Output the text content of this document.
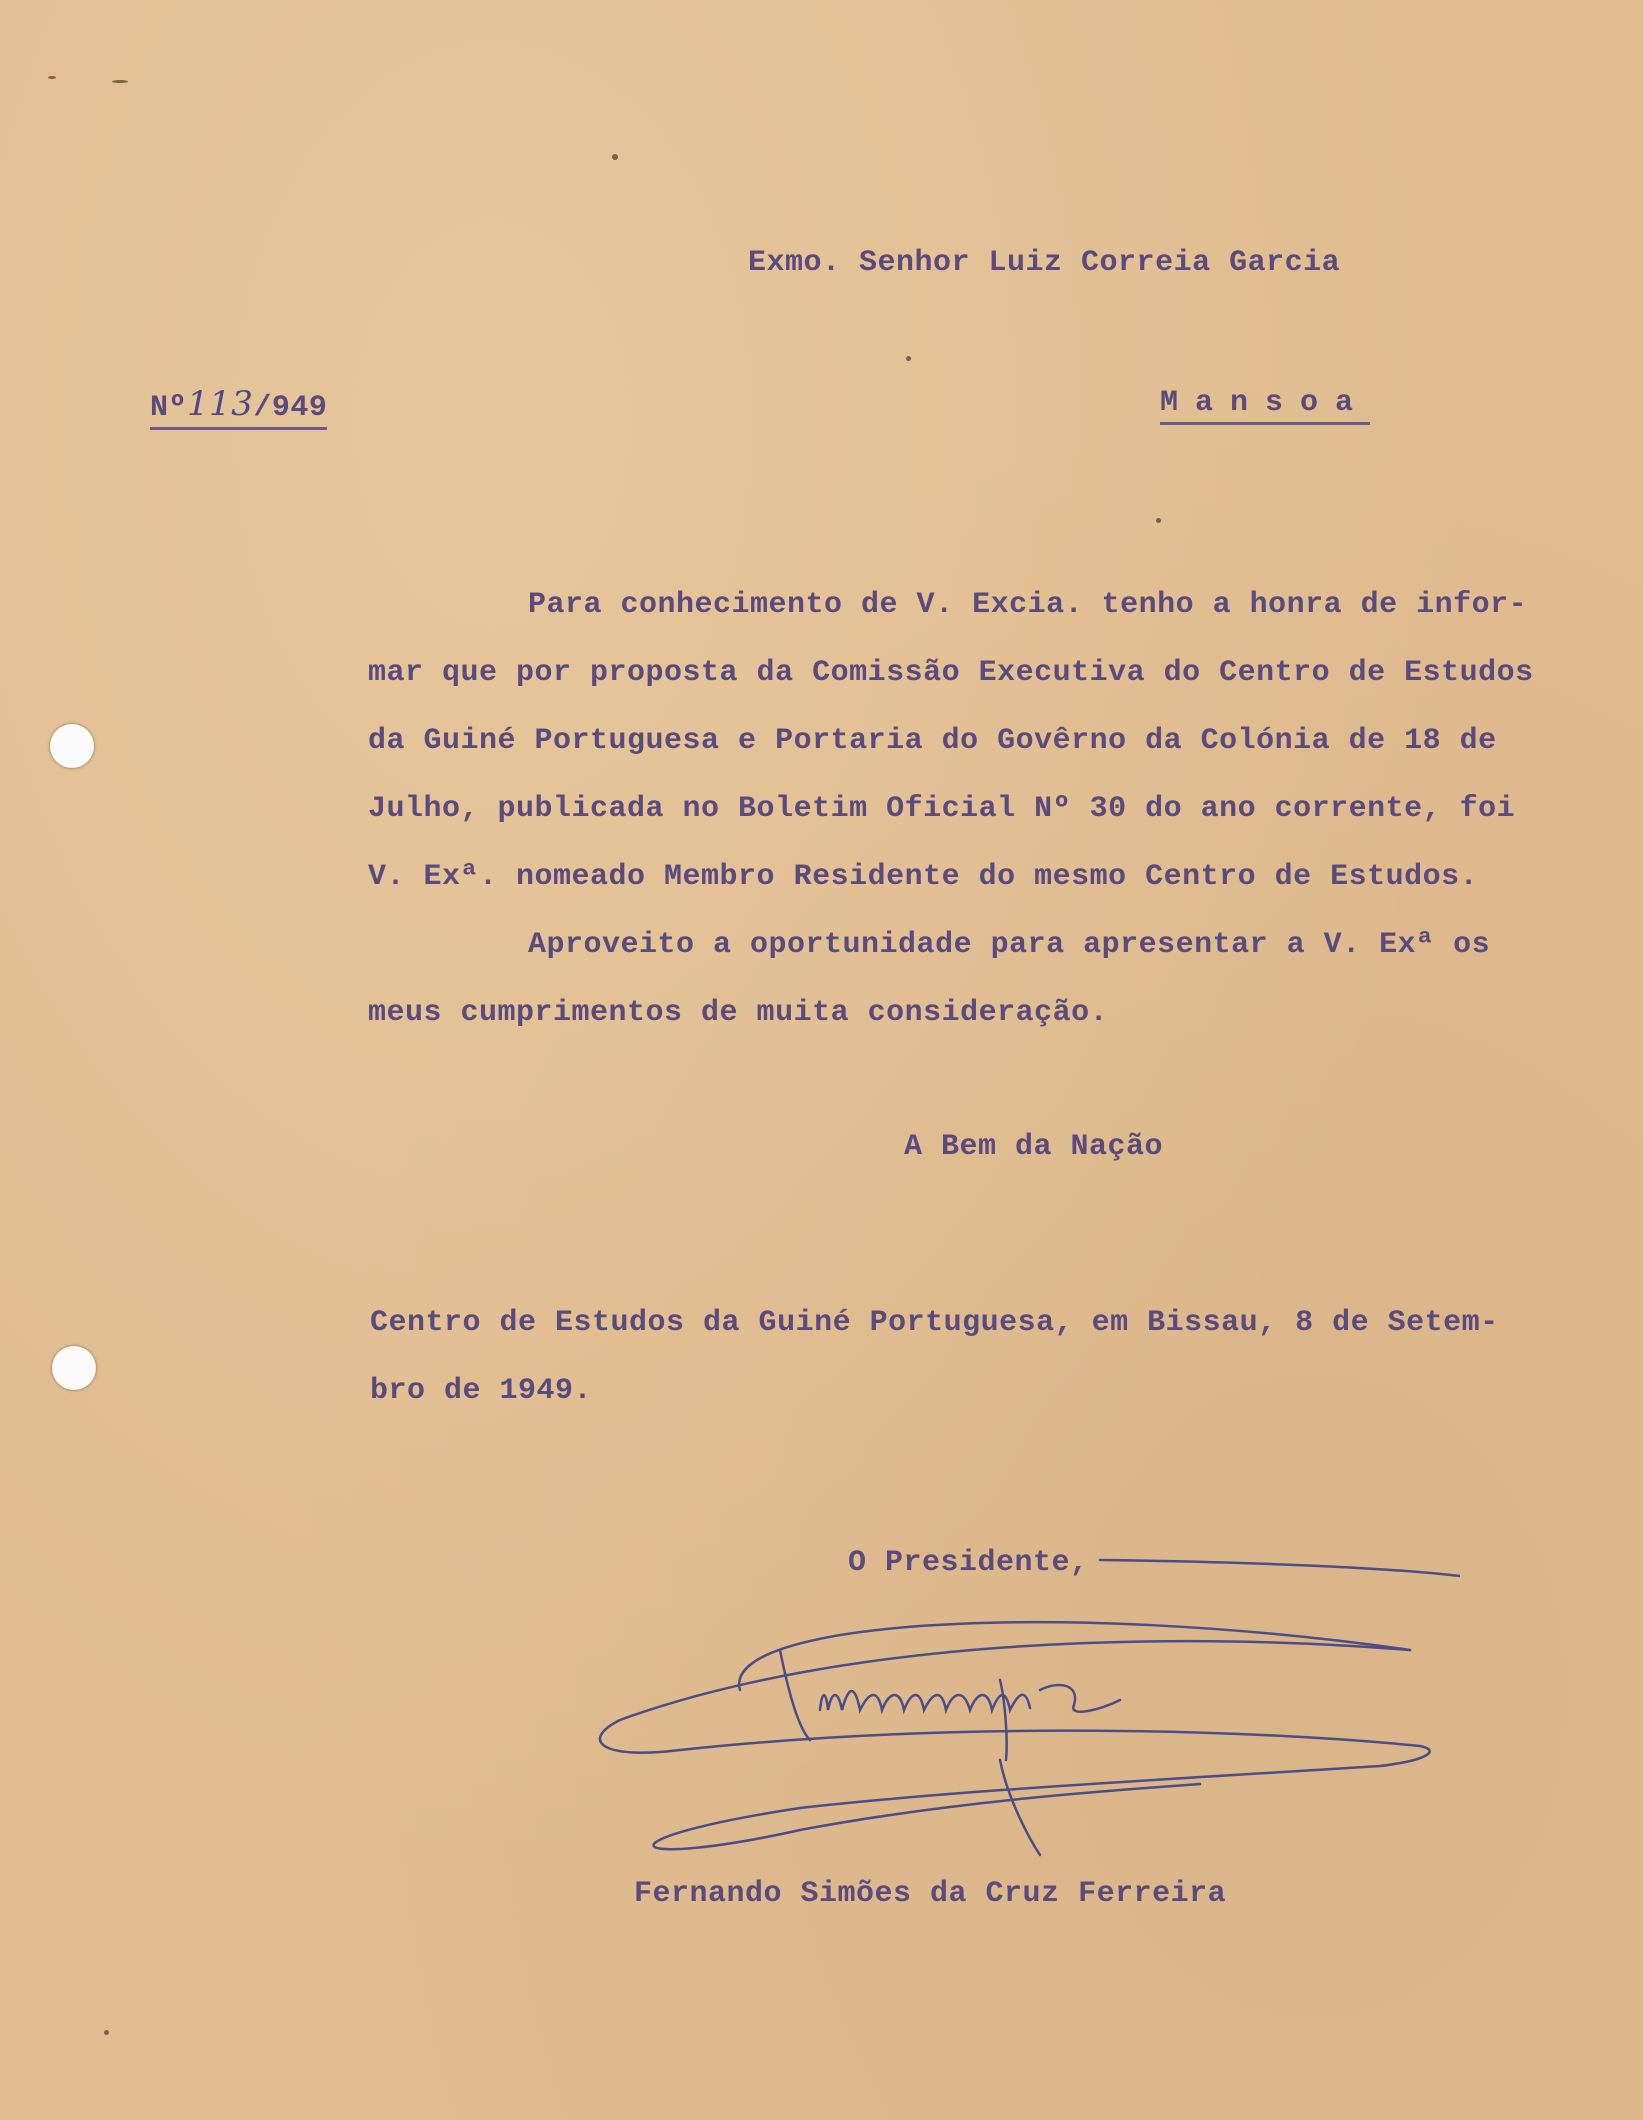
Exmo. Senhor Luiz Correia Garcia
Nº113/949	Mansoa
Para conhecimento de V. Excia. tenho a honra de infor-
mar que por proposta da Comissão Executiva do Centro de Estudos
da Guiné Portuguesa e Portaria do Govêrno da Colónia de 18 de
Julho, publicada no Boletim Oficial Nº 30 do ano corrente, foi
V. Exª. nomeado Membro Residente do mesmo Centro de Estudos.
Aproveito a oportunidade para apresentar a V. Exª os
meus cumprimentos de muita consideração.
A Bem da Nação
Centro de Estudos da Guiné Portuguesa, em Bissau, 8 de Setem-
bro de 1949.
O Presidente,
Fernando Simões da Cruz Ferreira
